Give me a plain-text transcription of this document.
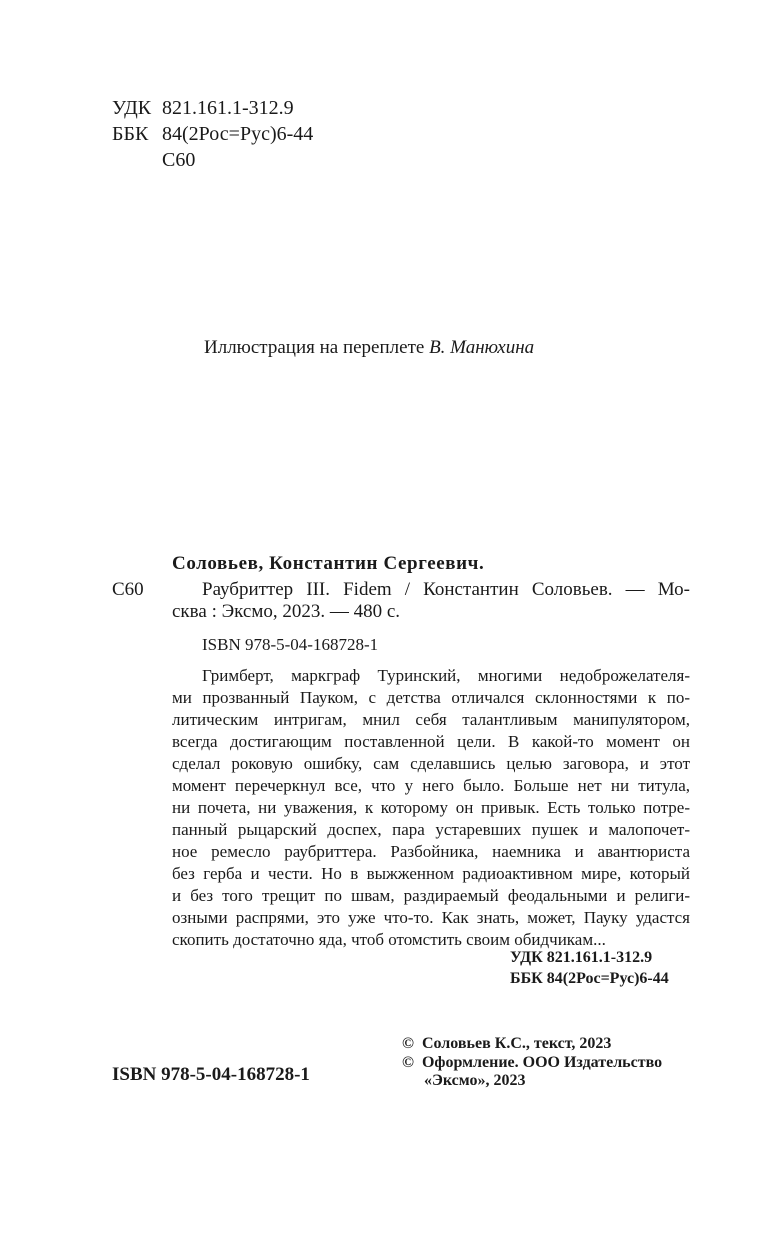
УДК 821.161.1-312.9
ББК 84(2Рос=Рус)6-44
С60
Иллюстрация на переплете В. Манюхина
Соловьев, Константин Сергеевич.
С60	Раубриттер III. Fidem / Константин Соловьев. — Мо-
сква : Эксмо, 2023. — 480 с.
ISBN 978-5-04-168728-1
Гримберт, маркграф Туринский, многими недоброжелателя-
ми прозванный Пауком, с детства отличался склонностями к по-
литическим интригам, мнил себя талантливым манипулятором,
всегда достигающим поставленной цели. В какой-то момент он
сделал роковую ошибку, сам сделавшись целью заговора, и этот
момент перечеркнул все, что у него было. Больше нет ни титула,
ни почета, ни уважения, к которому он привык. Есть только потре-
панный рыцарский доспех, пара устаревших пушек и малопочет-
ное ремесло раубриттера. Разбойника, наемника и авантюриста
без герба и чести. Но в выжженном радиоактивном мире, который
и без того трещит по швам, раздираемый феодальными и религи-
озными распрями, это уже что-то. Как знать, может, Пауку удастся
скопить достаточно яда, чтоб отомстить своим обидчикам...
УДК 821.161.1-312.9
ББК 84(2Рос=Рус)6-44
© Соловьев К.С., текст, 2023
© Оформление. ООО Издательство
«Эксмо», 2023
ISBN 978-5-04-168728-1
